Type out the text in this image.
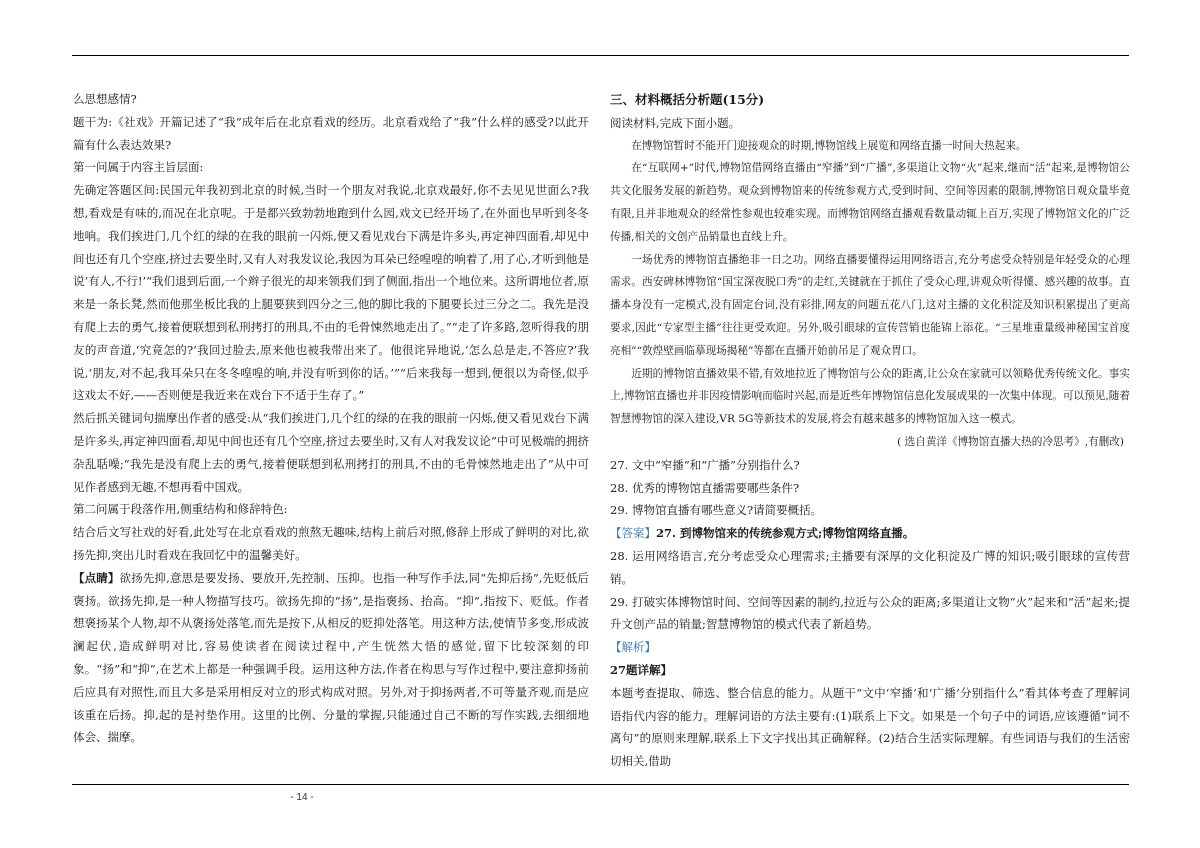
么思想感情?

题干为:《社戏》开篇记述了“我”成年后在北京看戏的经历。北京看戏给了“我”什么样的感受?以此开篇有什么表达效果?

第一问属于内容主旨层面:

先确定答题区间:民国元年我初到北京的时候,当时一个朋友对我说,北京戏最好,你不去见见世面么?我想,看戏是有味的,而况在北京呢。于是都兴致勃勃地跑到什么园,戏文已经开场了,在外面也早听到冬冬地响。我们挨进门,几个红的绿的在我的眼前一闪烁,便又看见戏台下满是许多头,再定神四面看,却见中间也还有几个空座,挤过去要坐时,又有人对我发议论,我因为耳朵已经喤喤的响着了,用了心,才听到他是说‘有人,不行!’“我们退到后面,一个辫子很光的却来领我们到了侧面,指出一个地位来。这所谓地位者,原来是一条长凳,然而他那坐板比我的上腿要狭到四分之三,他的脚比我的下腿要长过三分之二。我先是没有爬上去的勇气,接着便联想到私刑拷打的刑具,不由的毛骨悚然地走出了。”“走了许多路,忽听得我的朋友的声音道,‘究竟怎的?’我回过脸去,原来他也被我带出来了。他很诧异地说,‘怎么总是走,不答应?’我说,‘朋友,对不起,我耳朵只在冬冬喤喤的响,并没有听到你的话。’”“后来我每一想到,便很以为奇怪,似乎这戏太不好,——否则便是我近来在戏台下不适于生存了。”

然后抓关键词句揣摩出作者的感受:从“我们挨进门,几个红的绿的在我的眼前一闪烁,便又看见戏台下满是许多头,再定神四面看,却见中间也还有几个空座,挤过去要坐时,又有人对我发议论”中可见极端的拥挤杂乱聒噪;“我先是没有爬上去的勇气,接着便联想到私刑拷打的刑具,不由的毛骨悚然地走出了”从中可见作者感到无趣,不想再看中国戏。

第二问属于段落作用,侧重结构和修辞特色:

结合后文写社戏的好看,此处写在北京看戏的煎熬无趣味,结构上前后对照,修辞上形成了鲜明的对比,欲扬先抑,突出儿时看戏在我回忆中的温馨美好。

【点睛】欲扬先抑,意思是要发扬、要放开,先控制、压抑。也指一种写作手法,同“先抑后扬”,先贬低后褒扬。欲扬先抑,是一种人物描写技巧。欲扬先抑的“扬”,是指褒扬、抬高。“抑”,指按下、贬低。作者想褒扬某个人物,却不从褒扬处落笔,而先是按下,从相反的贬抑处落笔。用这种方法,使情节多变,形成波澜起伏,造成鲜明对比,容易使读者在阅读过程中,产生恍然大悟的感觉,留下比较深刻的印象。“扬”和“抑”,在艺术上都是一种强调手段。运用这种方法,作者在构思与写作过程中,要注意抑扬前后应具有对照性,而且大多是采用相反对立的形式构成对照。另外,对于抑扬两者,不可等量齐观,而是应该重在后扬。抑,起的是衬垫作用。这里的比例、分量的掌握,只能通过自己不断的写作实践,去细细地体会、揣摩。

三、材料概括分析题(15分)

阅读材料,完成下面小题。

在博物馆暂时不能开门迎接观众的时期,博物馆线上展览和网络直播一时间大热起来。

在“互联网+”时代,博物馆借网络直播由“窄播”到“广播”,多渠道让文物“火”起来,继而“活”起来,是博物馆公共文化服务发展的新趋势。观众到博物馆来的传统参观方式,受到时间、空间等因素的限制,博物馆日观众量毕竟有限,且并非地观众的经常性参观也较难实现。而博物馆网络直播观看数量动辄上百万,实现了博物馆文化的广泛传播,相关的文创产品销量也直线上升。

一场优秀的博物馆直播绝非一日之功。网络直播要懂得运用网络语言,充分考虑受众特别是年轻受众的心理需求。西安碑林博物馆“国宝深夜脱口秀”的走红,关键就在于抓住了受众心理,讲观众听得懂、感兴趣的故事。直播本身没有一定模式,没有固定台词,没有彩排,网友的问题五花八门,这对主播的文化积淀及知识积累提出了更高要求,因此“专家型主播”往往更受欢迎。另外,吸引眼球的宣传营销也能锦上添花。“三星堆重量级神秘国宝首度亮相”“敦煌壁画临摹现场揭秘”等都在直播开始前吊足了观众胃口。

近期的博物馆直播效果不错,有效地拉近了博物馆与公众的距离,让公众在家就可以领略优秀传统文化。事实上,博物馆直播也并非因疫情影响而临时兴起,而是近些年博物馆信息化发展成果的一次集中体现。可以预见,随着智慧博物馆的深入建设,VR 5G等新技术的发展,将会有越来越多的博物馆加入这一模式。

( 选自黄洋《博物馆直播大热的冷思考》,有删改)

27. 文中“窄播”和“广播”分别指什么?

28. 优秀的博物馆直播需要哪些条件?

29. 博物馆直播有哪些意义?请简要概括。

【答案】27. 到博物馆来的传统参观方式;博物馆网络直播。

28. 运用网络语言,充分考虑受众心理需求;主播要有深厚的文化积淀及广博的知识;吸引眼球的宣传营销。

29. 打破实体博物馆时间、空间等因素的制约,拉近与公众的距离;多渠道让文物“火”起来和“活”起来;提升文创产品的销量;智慧博物馆的模式代表了新趋势。

【解析】

27题详解】

本题考查提取、筛选、整合信息的能力。从题干“文中‘窄播’和‘广播’分别指什么”看其体考查了理解词语指代内容的能力。理解词语的方法主要有:(1)联系上下文。如果是一个句子中的词语,应该遵循“词不离句”的原则来理解,联系上下文字找出其正确解释。(2)结合生活实际理解。有些词语与我们的生活密切相关,借助

- 14 -
